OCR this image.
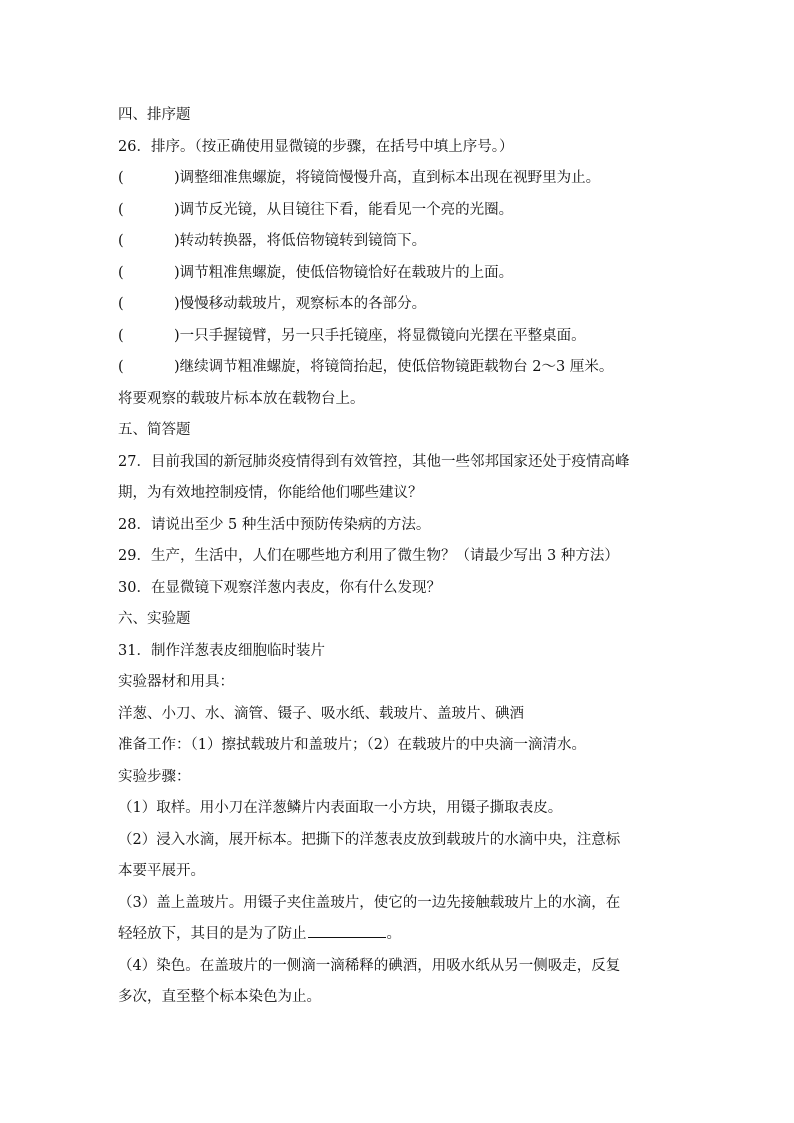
四、排序题
26．排序。（按正确使用显微镜的步骤，在括号中填上序号。）
(	)调整细准焦螺旋，将镜筒慢慢升高，直到标本出现在视野里为止。
(	)调节反光镜，从目镜往下看，能看见一个亮的光圈。
(	)转动转换器，将低倍物镜转到镜筒下。
(	)调节粗准焦螺旋，使低倍物镜恰好在载玻片的上面。
(	)慢慢移动载玻片，观察标本的各部分。
(	)一只手握镜臂，另一只手托镜座，将显微镜向光摆在平整桌面。
(	)继续调节粗准螺旋，将镜筒抬起，使低倍物镜距载物台 2～3 厘米。
将要观察的载玻片标本放在载物台上。
五、简答题
27．目前我国的新冠肺炎疫情得到有效管控，其他一些邻邦国家还处于疫情高峰
期，为有效地控制疫情，你能给他们哪些建议？
28．请说出至少 5 种生活中预防传染病的方法。
29．生产，生活中，人们在哪些地方利用了微生物？（请最少写出 3 种方法）
30．在显微镜下观察洋葱内表皮，你有什么发现？
六、实验题
31．制作洋葱表皮细胞临时装片
实验器材和用具：
洋葱、小刀、水、滴管、镊子、吸水纸、载玻片、盖玻片、碘酒
准备工作：（1）擦拭载玻片和盖玻片；（2）在载玻片的中央滴一滴清水。
实验步骤：
（1）取样。用小刀在洋葱鳞片内表面取一小方块，用镊子撕取表皮。
（2）浸入水滴，展开标本。把撕下的洋葱表皮放到载玻片的水滴中央，注意标
本要平展开。
（3）盖上盖玻片。用镊子夹住盖玻片，使它的一边先接触载玻片上的水滴，在
轻轻放下，其目的是为了防止	。
（4）染色。在盖玻片的一侧滴一滴稀释的碘酒，用吸水纸从另一侧吸走，反复
多次，直至整个标本染色为止。
